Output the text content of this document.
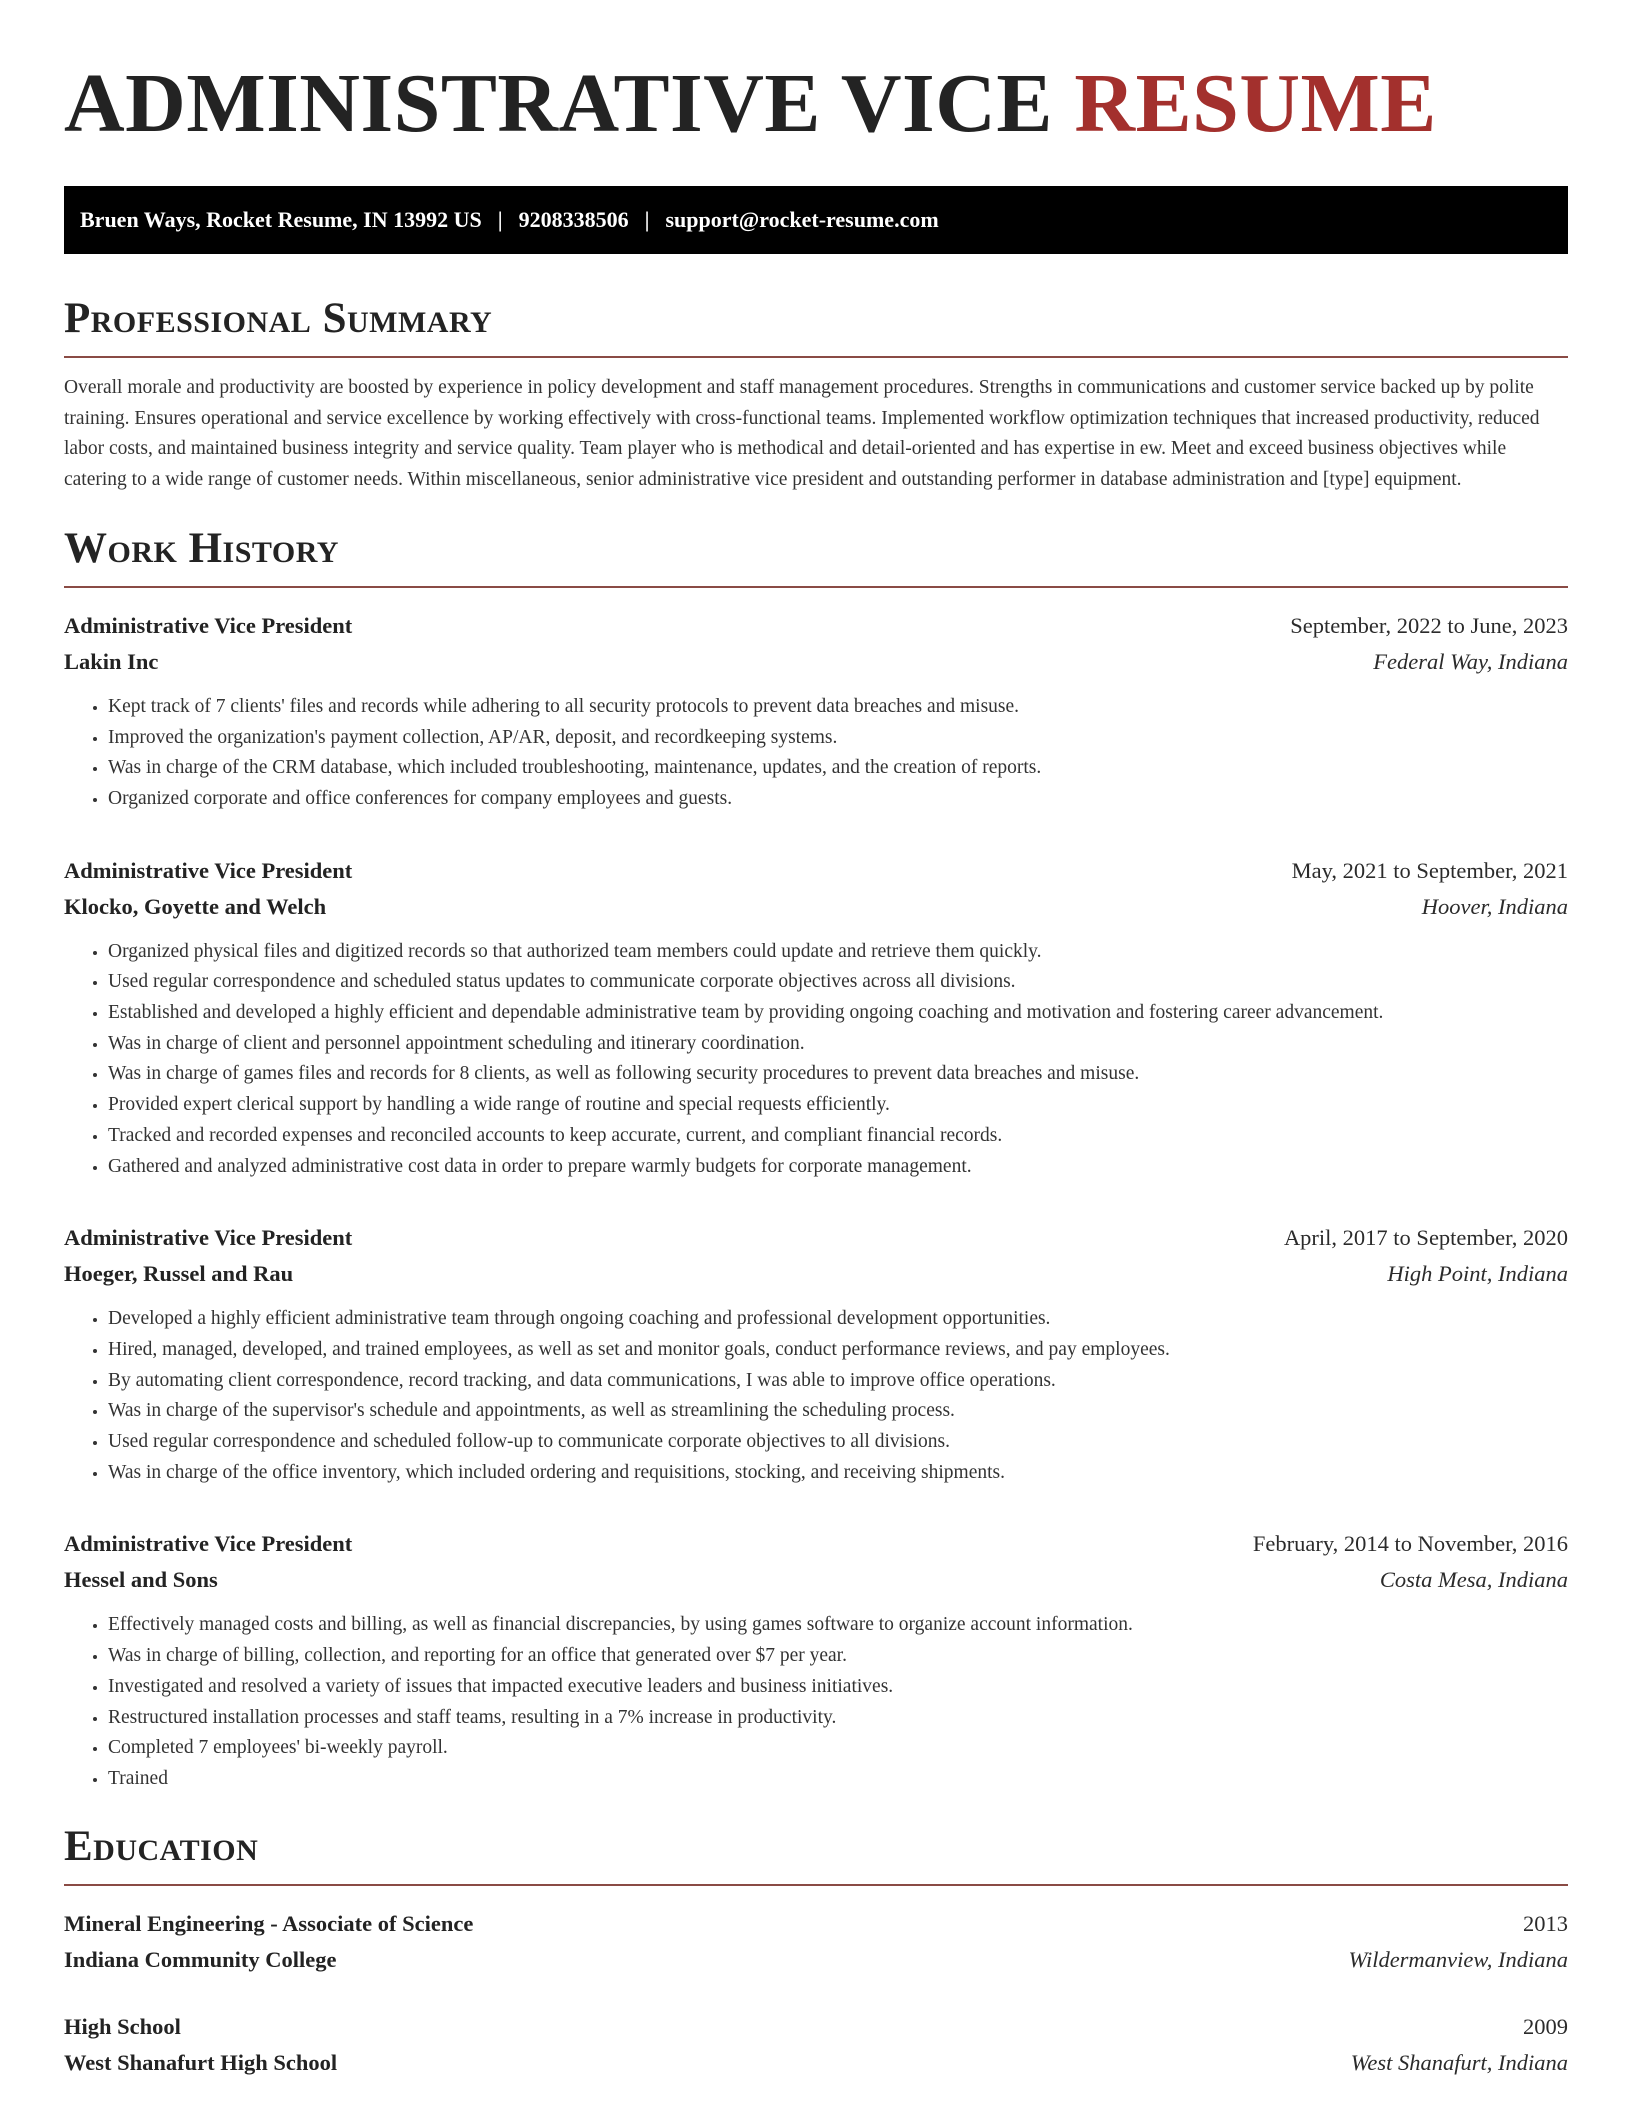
ADMINISTRATIVE VICE RESUME
Bruen Ways, Rocket Resume, IN 13992 US | 9208338506 | support@rocket-resume.com
Professional Summary

Overall morale and productivity are boosted by experience in policy development and staff management procedures. Strengths in communications and customer service backed up by polite training. Ensures operational and service excellence by working effectively with cross-functional teams. Implemented workflow optimization techniques that increased productivity, reduced labor costs, and maintained business integrity and service quality. Team player who is methodical and detail-oriented and has expertise in ew. Meet and exceed business objectives while catering to a wide range of customer needs. Within miscellaneous, senior administrative vice president and outstanding performer in database administration and [type] equipment.

Work History
Administrative Vice President	September, 2022 to June, 2023
Lakin Inc	Federal Way, Indiana
• Kept track of 7 clients' files and records while adhering to all security protocols to prevent data breaches and misuse.
• Improved the organization's payment collection, AP/AR, deposit, and recordkeeping systems.
• Was in charge of the CRM database, which included troubleshooting, maintenance, updates, and the creation of reports.
• Organized corporate and office conferences for company employees and guests.
Administrative Vice President	May, 2021 to September, 2021
Klocko, Goyette and Welch	Hoover, Indiana
• Organized physical files and digitized records so that authorized team members could update and retrieve them quickly.
• Used regular correspondence and scheduled status updates to communicate corporate objectives across all divisions.
• Established and developed a highly efficient and dependable administrative team by providing ongoing coaching and motivation and fostering career advancement.
• Was in charge of client and personnel appointment scheduling and itinerary coordination.
• Was in charge of games files and records for 8 clients, as well as following security procedures to prevent data breaches and misuse.
• Provided expert clerical support by handling a wide range of routine and special requests efficiently.
• Tracked and recorded expenses and reconciled accounts to keep accurate, current, and compliant financial records.
• Gathered and analyzed administrative cost data in order to prepare warmly budgets for corporate management.
Administrative Vice President	April, 2017 to September, 2020
Hoeger, Russel and Rau	High Point, Indiana
• Developed a highly efficient administrative team through ongoing coaching and professional development opportunities.
• Hired, managed, developed, and trained employees, as well as set and monitor goals, conduct performance reviews, and pay employees.
• By automating client correspondence, record tracking, and data communications, I was able to improve office operations.
• Was in charge of the supervisor's schedule and appointments, as well as streamlining the scheduling process.
• Used regular correspondence and scheduled follow-up to communicate corporate objectives to all divisions.
• Was in charge of the office inventory, which included ordering and requisitions, stocking, and receiving shipments.
Administrative Vice President	February, 2014 to November, 2016
Hessel and Sons	Costa Mesa, Indiana
• Effectively managed costs and billing, as well as financial discrepancies, by using games software to organize account information.
• Was in charge of billing, collection, and reporting for an office that generated over $7 per year.
• Investigated and resolved a variety of issues that impacted executive leaders and business initiatives.
• Restructured installation processes and staff teams, resulting in a 7% increase in productivity.
• Completed 7 employees' bi-weekly payroll.
• Trained
Education
Mineral Engineering - Associate of Science	2013
Indiana Community College	Wildermanview, Indiana
High School	2009
West Shanafurt High School	West Shanafurt, Indiana
